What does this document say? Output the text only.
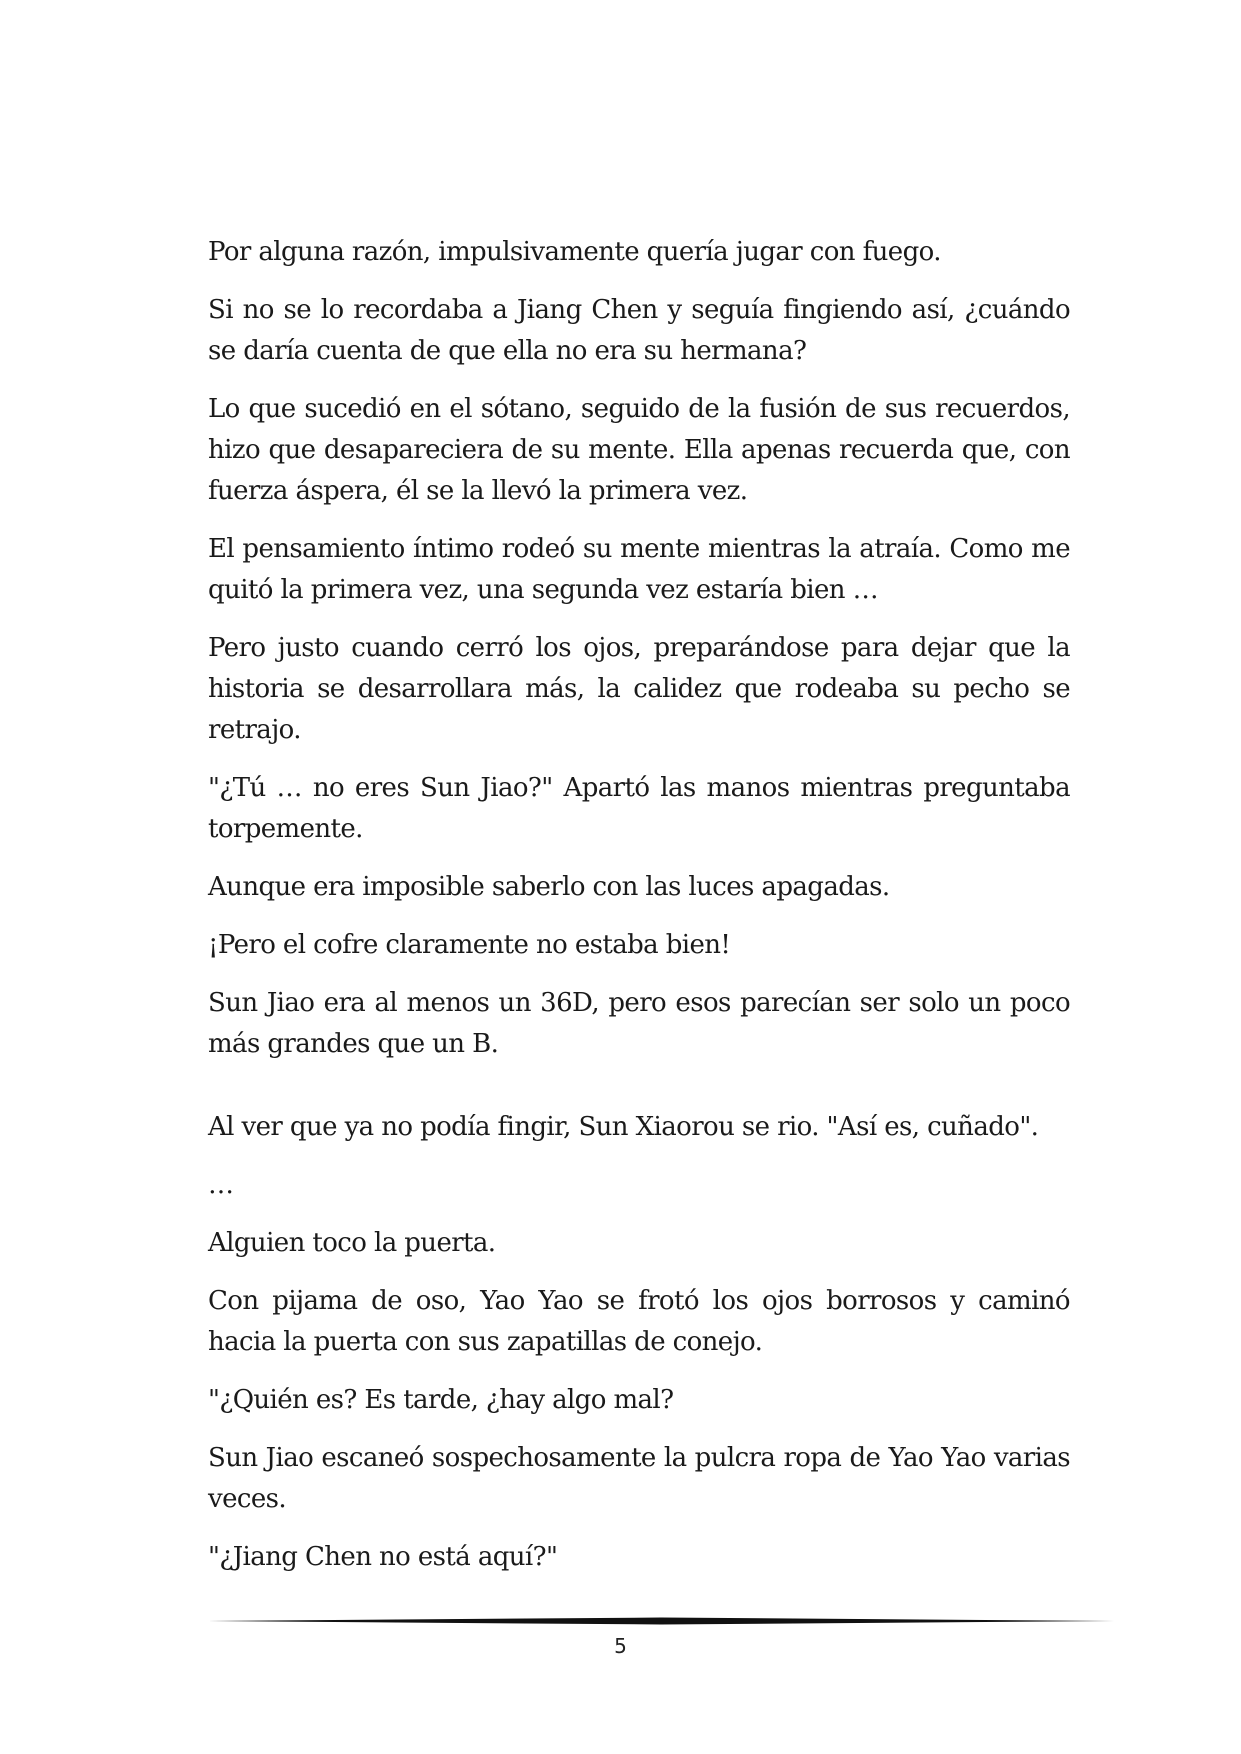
Por alguna razón, impulsivamente quería jugar con fuego.

Si no se lo recordaba a Jiang Chen y seguía fingiendo así, ¿cuándo se daría cuenta de que ella no era su hermana?

Lo que sucedió en el sótano, seguido de la fusión de sus recuerdos, hizo que desapareciera de su mente. Ella apenas recuerda que, con fuerza áspera, él se la llevó la primera vez.

El pensamiento íntimo rodeó su mente mientras la atraía. Como me quitó la primera vez, una segunda vez estaría bien …

Pero justo cuando cerró los ojos, preparándose para dejar que la historia se desarrollara más, la calidez que rodeaba su pecho se retrajo.

"¿Tú … no eres Sun Jiao?" Apartó las manos mientras preguntaba torpemente.

Aunque era imposible saberlo con las luces apagadas.

¡Pero el cofre claramente no estaba bien!

Sun Jiao era al menos un 36D, pero esos parecían ser solo un poco más grandes que un B.

Al ver que ya no podía fingir, Sun Xiaorou se rio. "Así es, cuñado".

…

Alguien toco la puerta.

Con pijama de oso, Yao Yao se frotó los ojos borrosos y caminó hacia la puerta con sus zapatillas de conejo.

"¿Quién es? Es tarde, ¿hay algo mal?

Sun Jiao escaneó sospechosamente la pulcra ropa de Yao Yao varias veces.

"¿Jiang Chen no está aquí?"

5
